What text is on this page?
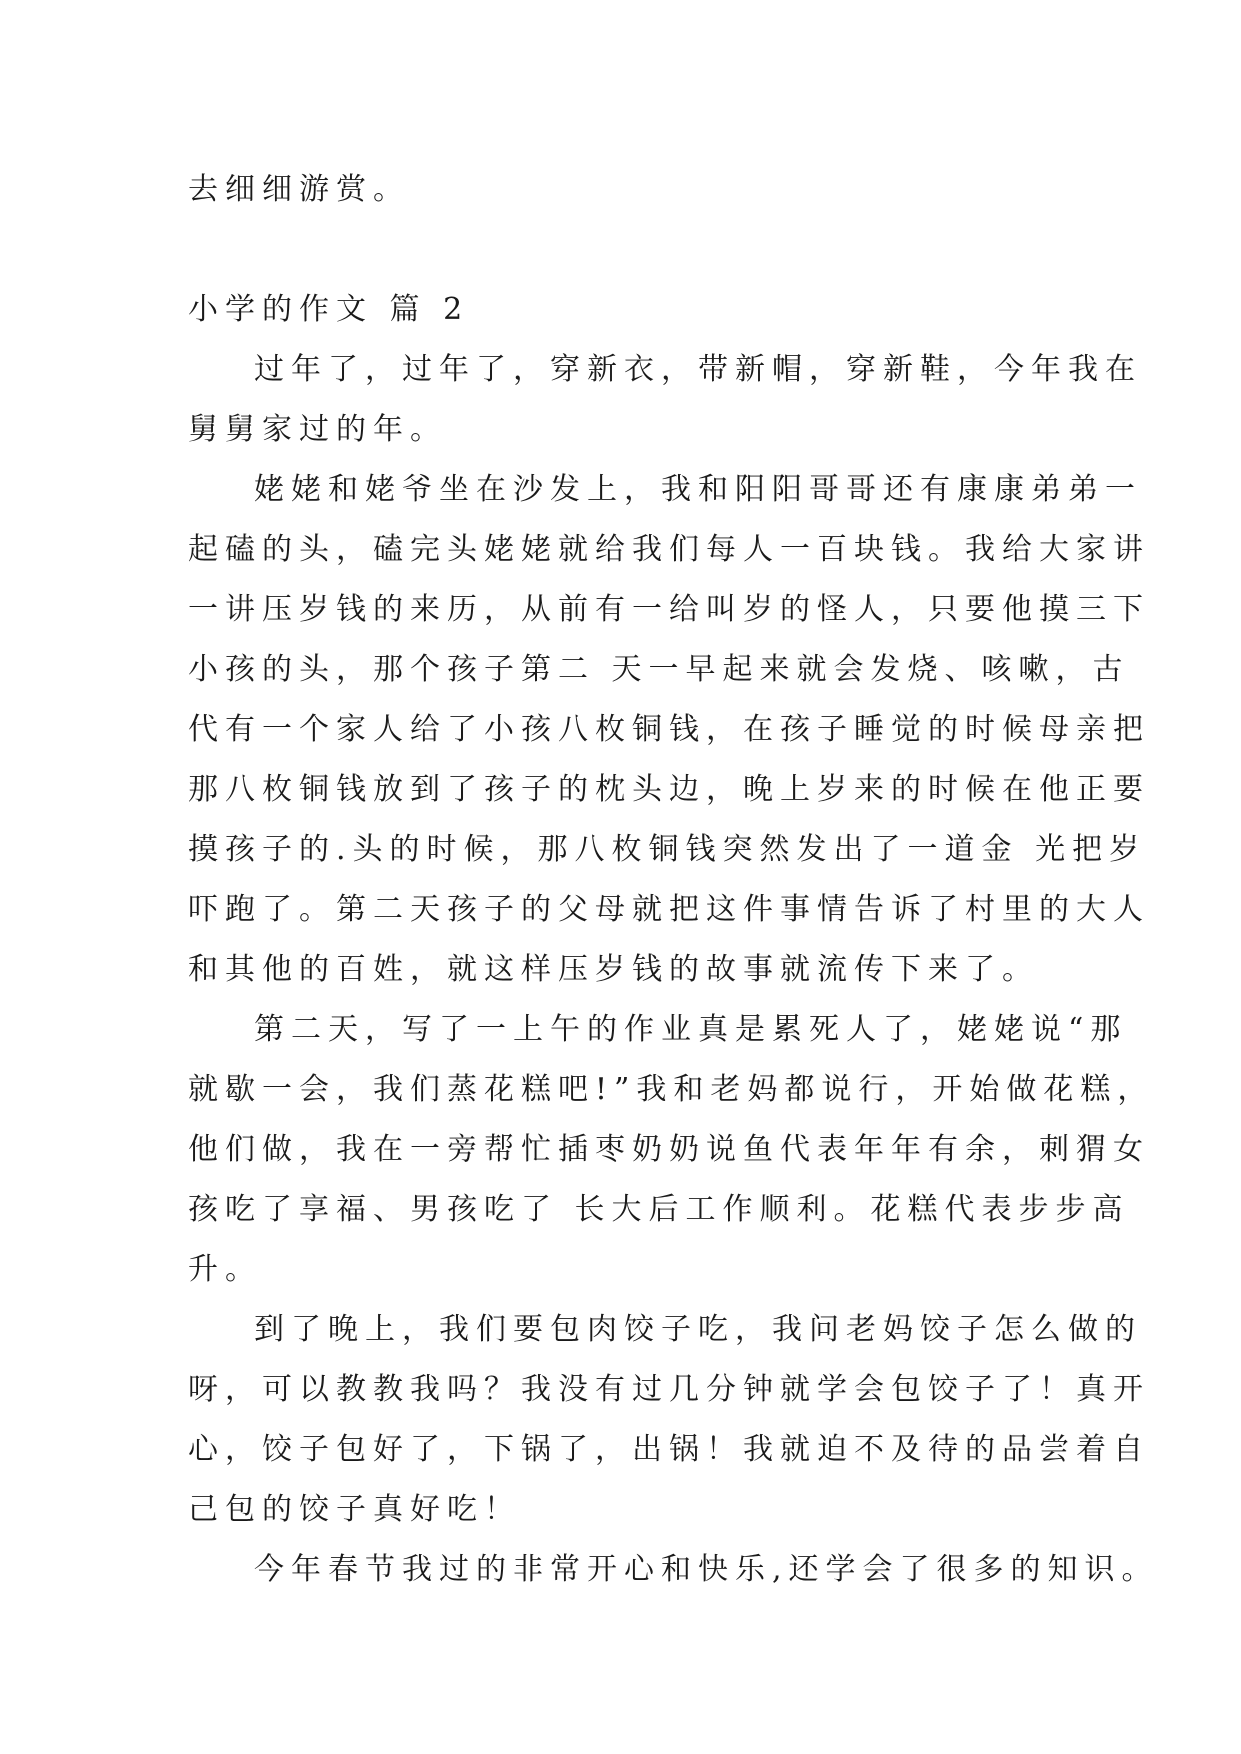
去细细游赏。

小学的作文 篇 2

过年了，过年了，穿新衣，带新帽，穿新鞋，今年我在

舅舅家过的年。

姥姥和姥爷坐在沙发上，我和阳阳哥哥还有康康弟弟一

起磕的头，磕完头姥姥就给我们每人一百块钱。我给大家讲

一讲压岁钱的来历，从前有一给叫岁的怪人，只要他摸三下

小孩的头，那个孩子第二 天一早起来就会发烧、咳嗽，古

代有一个家人给了小孩八枚铜钱，在孩子睡觉的时候母亲把

那八枚铜钱放到了孩子的枕头边，晚上岁来的时候在他正要

摸孩子的.头的时候，那八枚铜钱突然发出了一道金 光把岁

吓跑了。第二天孩子的父母就把这件事情告诉了村里的大人

和其他的百姓，就这样压岁钱的故事就流传下来了。

第二天，写了一上午的作业真是累死人了，姥姥说“那

就歇一会，我们蒸花糕吧!”我和老妈都说行，开始做花糕，

他们做，我在一旁帮忙插枣奶奶说鱼代表年年有余，刺猬女

孩吃了享福、男孩吃了 长大后工作顺利。花糕代表步步高

升。

到了晚上，我们要包肉饺子吃，我问老妈饺子怎么做的

呀，可以教教我吗？我没有过几分钟就学会包饺子了！真开

心，饺子包好了，下锅了，出锅！我就迫不及待的品尝着自

己包的饺子真好吃！

今年春节我过的非常开心和快乐,还学会了很多的知识。
